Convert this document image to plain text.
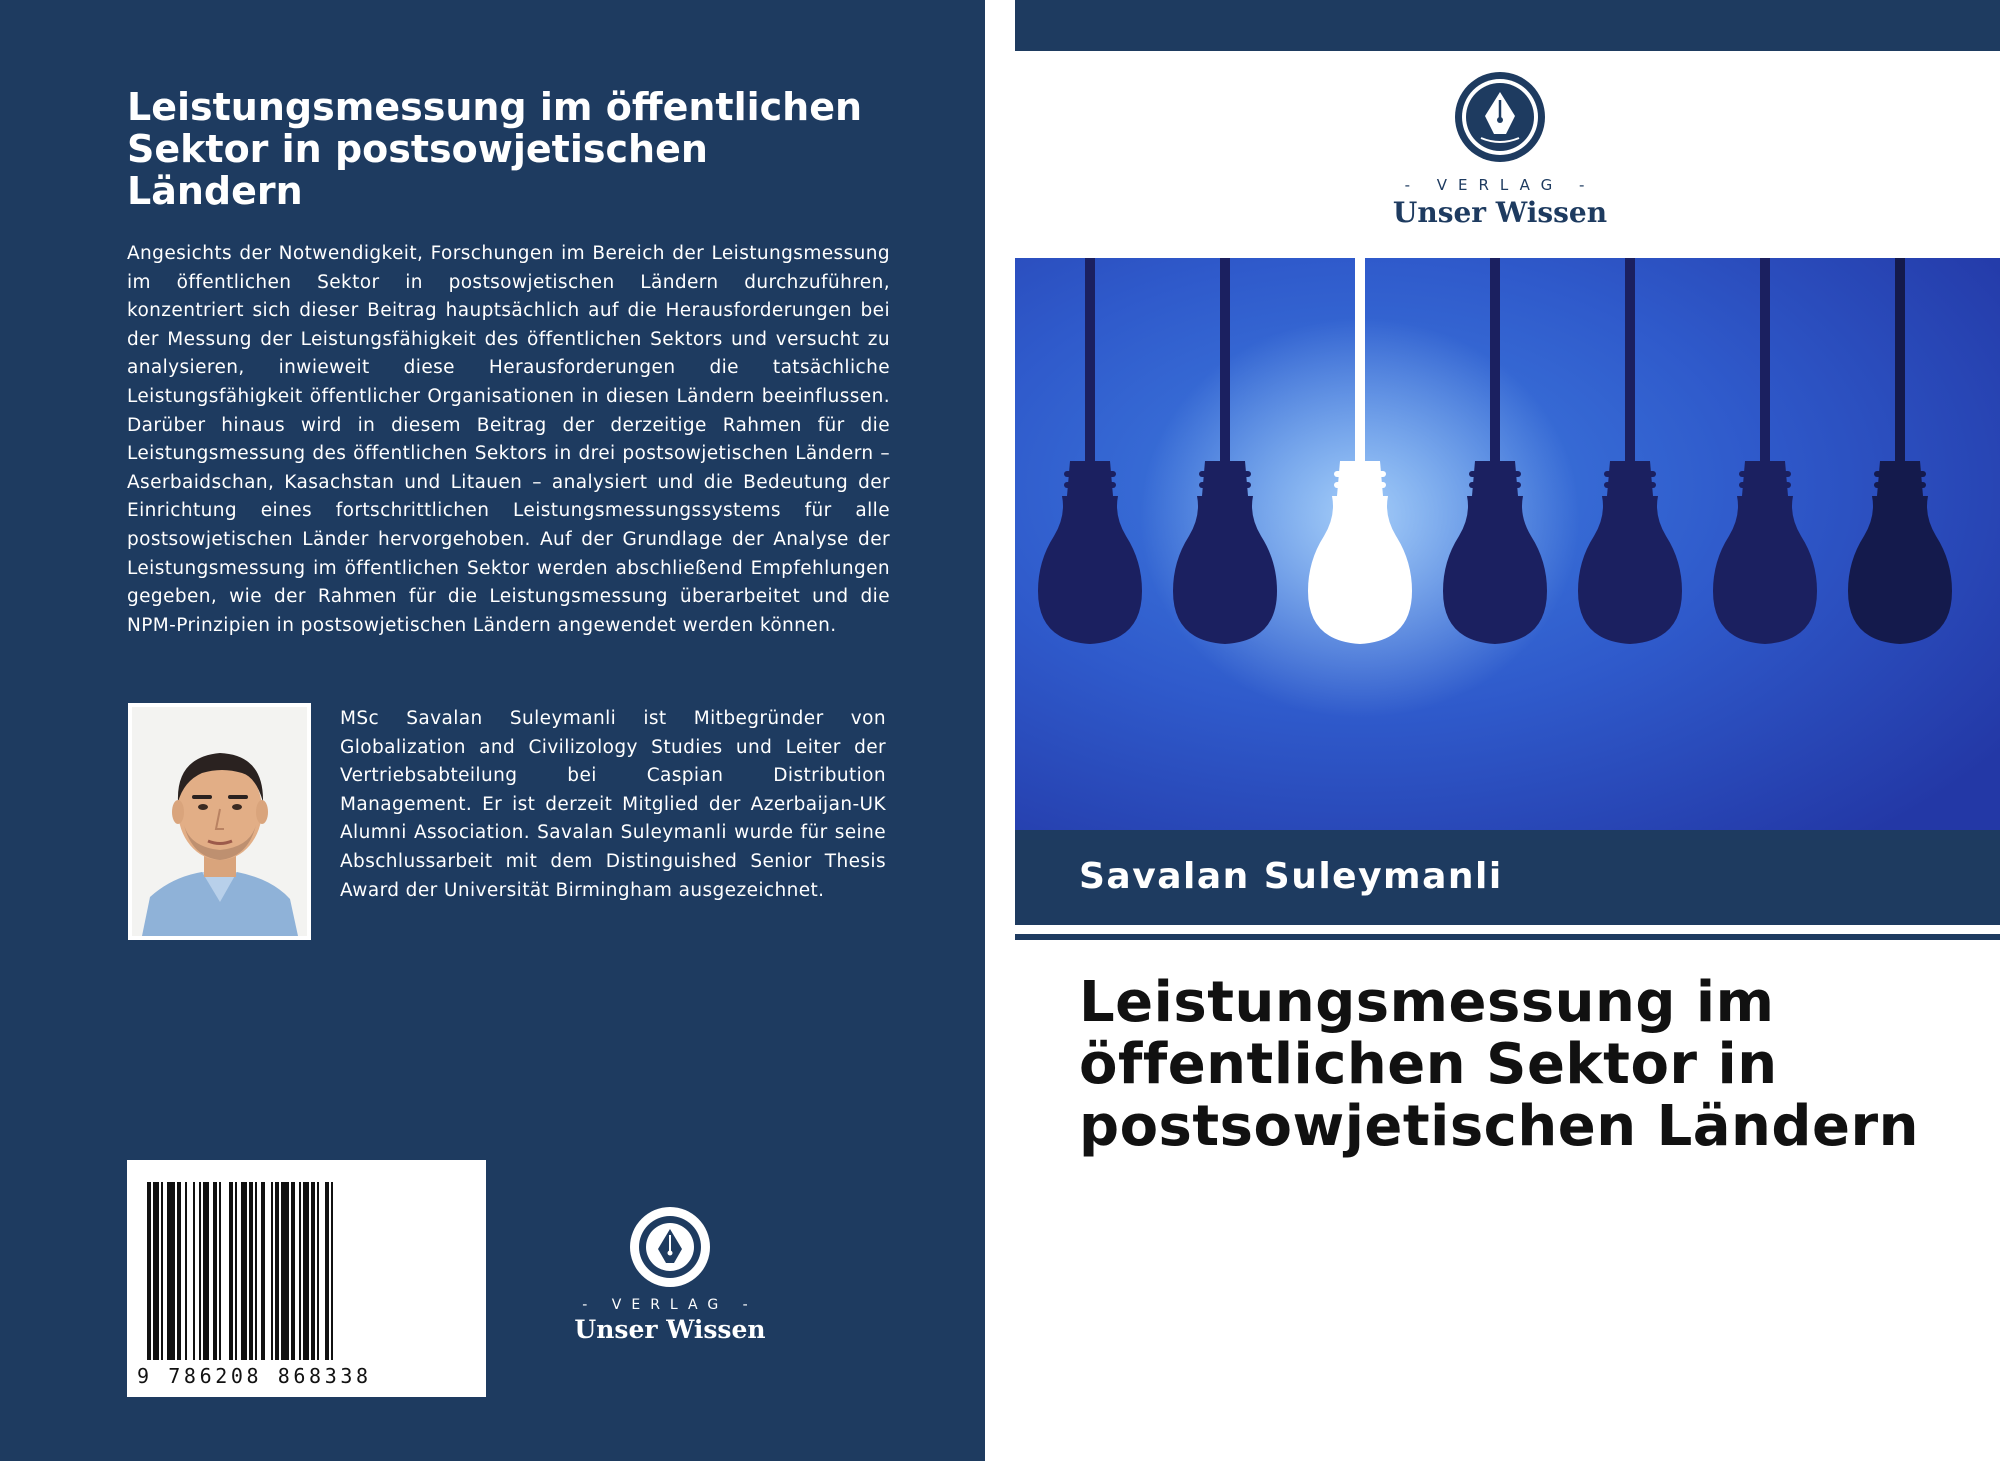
Leistungsmessung im öffentlichen
Sektor in postsowjetischen
Ländern

Angesichts der Notwendigkeit, Forschungen im Bereich der Leistungsmessung im öffentlichen Sektor in postsowjetischen Ländern durchzuführen, konzentriert sich dieser Beitrag hauptsächlich auf die Herausforderungen bei der Messung der Leistungsfähigkeit des öffentlichen Sektors und versucht zu analysieren, inwieweit diese Herausforderungen die tatsächliche Leistungsfähigkeit öffentlicher Organisationen in diesen Ländern beeinflussen. Darüber hinaus wird in diesem Beitrag der derzeitige Rahmen für die Leistungsmessung des öffentlichen Sektors in drei postsowjetischen Ländern – Aserbaidschan, Kasachstan und Litauen – analysiert und die Bedeutung der Einrichtung eines fortschrittlichen Leistungsmessungssystems für alle postsowjetischen Länder hervorgehoben. Auf der Grundlage der Analyse der Leistungsmessung im öffentlichen Sektor werden abschließend Empfehlungen gegeben, wie der Rahmen für die Leistungsmessung überarbeitet und die NPM-Prinzipien in postsowjetischen Ländern angewendet werden können.

MSc Savalan Suleymanli ist Mitbegründer von Globalization and Civilizology Studies und Leiter der Vertriebsabteilung bei Caspian Distribution Management. Er ist derzeit Mitglied der Azerbaijan-UK Alumni Association. Savalan Suleymanli wurde für seine Abschlussarbeit mit dem Distinguished Senior Thesis Award der Universität Birmingham ausgezeichnet.

9 786208 868338
- VERLAG -
Unser Wissen
- VERLAG -
Unser Wissen
Savalan Suleymanli
Leistungsmessung im
öffentlichen Sektor in
postsowjetischen Ländern
